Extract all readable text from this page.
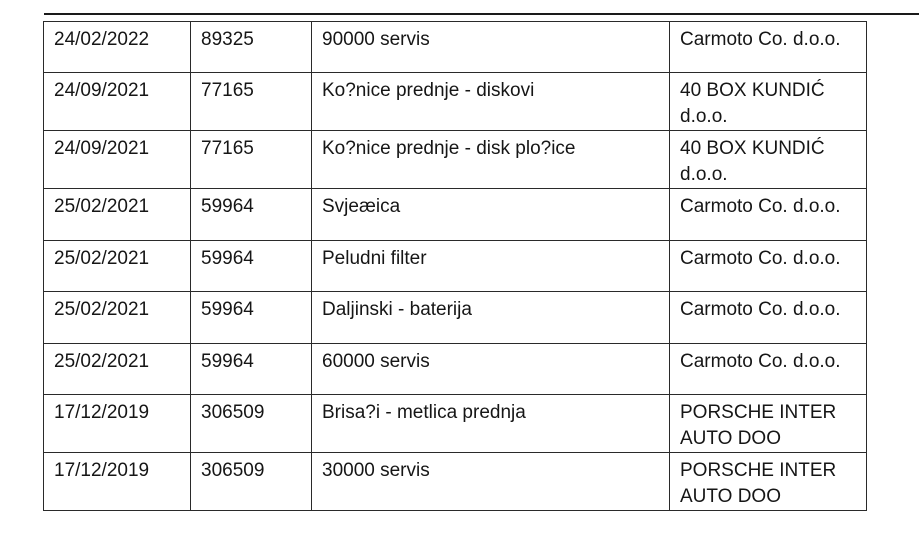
24/02/2022	89325	90000 servis	Carmoto Co. d.o.o.
24/09/2021	77165	Ko?nice prednje - diskovi	40 BOX KUNDIĆ d.o.o.
24/09/2021	77165	Ko?nice prednje - disk plo?ice	40 BOX KUNDIĆ d.o.o.
25/02/2021	59964	Svjeæica	Carmoto Co. d.o.o.
25/02/2021	59964	Peludni filter	Carmoto Co. d.o.o.
25/02/2021	59964	Daljinski - baterija	Carmoto Co. d.o.o.
25/02/2021	59964	60000 servis	Carmoto Co. d.o.o.
17/12/2019	306509	Brisa?i - metlica prednja	PORSCHE INTER AUTO DOO
17/12/2019	306509	30000 servis	PORSCHE INTER AUTO DOO
